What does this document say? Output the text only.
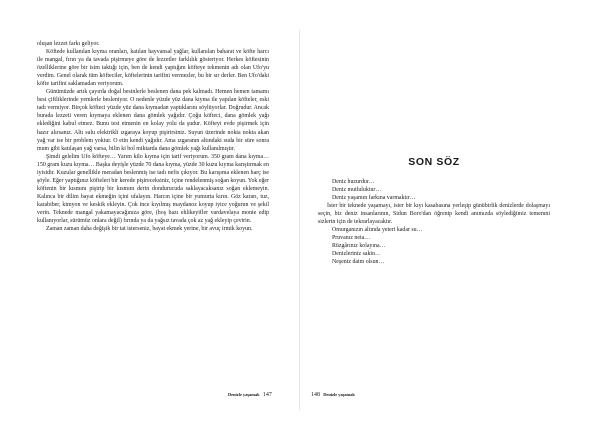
oluşan lezzet farkı geliyor.

Köftede kullanılan kıyma oranları, katılan hayvansal yağlar, kullanılan baharat ve köfte harcı ile mangal, fırın ya da tavada pişirmeye göre de lezzetler farklılık gösteriyor. Herkes köftesinin özelliklerine göre bir isim taktığı için, ben de kendi yaptığım köfteye tekmenin adı olan Ufo'yu verdim. Genel olarak tüm köfteciler, köftelerinin tarifini vermezler, bu bir sır derler. Ben Ufo'daki köfte tarifini saklamadan veriyorum.

Günümüzde artık çayırda doğal besinlerle beslenen dana pek kalmadı. Hemen hemen tamamı besi çiftliklerinde yemlerle besleniyor. O nedenle yüzde yüz dana kıyma ile yapılan köfteler, eski tadı vermiyor. Birçok köfteci yüzde yüz dana kıymadan yaptıklarını söylüyorlar. Doğrudur. Ancak burada lezzeti veren kıymaya eklenen dana gömlek yağıdır. Çoğu köfteci, dana gömlek yağı eklediğini kabul etmez. Bunu test etmenin en kolay yolu da şudur. Köfteyi evde pişirmek için hazır alırsanız. Altı sulu elektrikli ızgaraya koyup pişirirsiniz. Suyun üzerinde nokta nokta akan yağ var ise bir problem yoktur. O etin kendi yağıdır. Ama ızgaranın altındaki suda bir süre sonra mum gibi katılaşan yağ varsa, bilin ki bol miktarda dana gömlek yağı kullanılmıştır.

Şimdi gelelim Ufo köfteye… Yarım kilo kıyma için tarif veriyorum. 350 gram dana kıyma… 150 gram kuzu kıyma… Başka deyişle yüzde 70 dana kıyma, yüzde 30 kuzu kıyma karıştırmak en iyisidir. Kuzular genellikle meradan beslenmiş ise tadı nefis çıkıyor. Bu karışıma eklenen harç ise şöyle. Eğer yaptığınız köfteleri bir kerede pişireceksiniz, içine rendelenmiş soğan koyun. Yok eğer köftenin bir kısmını pişirip bir kısmını derin dondurucuda saklayacaksanız soğan eklemeyin. Kalınca bir dilim bayat ekmeğin içini ufalayın. Harcın içine bir yumurta kırın. Göz kararı, tuz, karabiber, kimyon ve keskik ekleyin. Çok ince kıyılmış maydanoz koyup iyice yoğurun ve şekil verin. Teknede mangal yakamayacağınıza göre, (hoş bazı ehlikeyifler vardavelaya monte edip kullanıyorlar, sürümüz onlara değil) fırında ya da yağsız tavada çok az yağ ekleyip çevirin.

Zaman zaman daha değişik bir tat isterseniz, bayat ekmek yerine, bir avuç irmik koyun.

Denizle yaşamak 147
SON SÖZ

Deniz huzurdur…

Deniz mutluluktur…

Deniz yaşamın farkına varmaktır…

İster bir teknede yaşamayı, ister bir kıyı kasabasına yerleşip günübirlik denizlerde dolaşmayı seçin, biz deniz insanlarının, Sidun Boro'dan öğrenip kendi anımızda söylediğimiz tememni sizlerin için de tekrarlayacaktır.

Omurganızın altında yeteri kadar su…

Pruvanız neta…

Rüzgârınız kolayına…

Denizleriniz sakin…

Neşeniz daim olsun…

148 Denizle yaşamak
